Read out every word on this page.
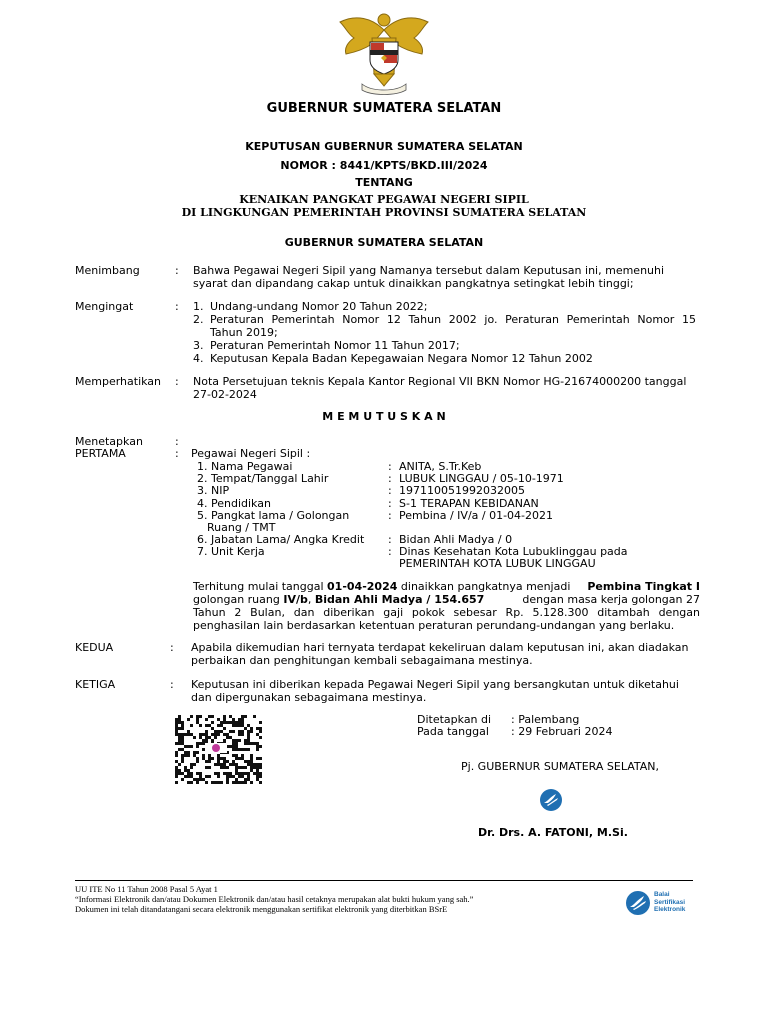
GUBERNUR SUMATERA SELATAN
KEPUTUSAN GUBERNUR SUMATERA SELATAN
NOMOR : 8441/KPTS/BKD.III/2024
TENTANG
KENAIKAN PANGKAT PEGAWAI NEGERI SIPIL
DI LINGKUNGAN PEMERINTAH PROVINSI SUMATERA SELATAN
GUBERNUR SUMATERA SELATAN
Menimbang	: Bahwa Pegawai Negeri Sipil yang Namanya tersebut dalam Keputusan ini, memenuhi
syarat dan dipandang cakap untuk dinaikkan pangkatnya setingkat lebih tinggi;
Mengingat	: 1. Undang-undang Nomor 20 Tahun 2022;
2. Peraturan Pemerintah Nomor 12 Tahun 2002 jo. Peraturan Pemerintah Nomor 15
Tahun 2019;
3. Peraturan Pemerintah Nomor 11 Tahun 2017;
4. Keputusan Kepala Badan Kepegawaian Negara Nomor 12 Tahun 2002
Memperhatikan : Nota Persetujuan teknis Kepala Kantor Regional VII BKN Nomor HG-21674000200 tanggal
27-02-2024
M E M U T U S K A N
Menetapkan	:
PERTAMA	: Pegawai Negeri Sipil :
1. Nama Pegawai	: ANITA, S.Tr.Keb
2. Tempat/Tanggal Lahir	: LUBUK LINGGAU / 05-10-1971
3. NIP	: 197110051992032005
4. Pendidikan	: S-1 TERAPAN KEBIDANAN
5. Pangkat lama / Golongan
Ruang / TMT
: Pembina / IV/a / 01-04-2021
6. Jabatan Lama/ Angka Kredit : Bidan Ahli Madya / 0
7. Unit Kerja	: Dinas Kesehatan Kota Lubuklinggau pada
PEMERINTAH KOTA LUBUK LINGGAU
Terhitung mulai tanggal 01-04-2024 dinaikkan pangkatnya menjadi Pembina Tingkat I
golongan ruang IV/b, Bidan Ahli Madya / 154.657	dengan masa kerja golongan 27
Tahun 2 Bulan, dan diberikan gaji pokok sebesar Rp. 5.128.300 ditambah dengan
penghasilan lain berdasarkan ketentuan peraturan perundang-undangan yang berlaku.
KEDUA	: Apabila dikemudian hari ternyata terdapat kekeliruan dalam keputusan ini, akan diadakan
perbaikan dan penghitungan kembali sebagaimana mestinya.
KETIGA	: Keputusan ini diberikan kepada Pegawai Negeri Sipil yang bersangkutan untuk diketahui
dan dipergunakan sebagaimana mestinya.
Ditetapkan di : Palembang
Pada tanggal : 29 Februari 2024
Pj. GUBERNUR SUMATERA SELATAN,
Dr. Drs. A. FATONI, M.Si.
UU ITE No 11 Tahun 2008 Pasal 5 Ayat 1
“Informasi Elektronik dan/atau Dokumen Elektronik dan/atau hasil cetaknya merupakan alat bukti hukum yang sah.”
Dokumen ini telah ditandatangani secara elektronik menggunakan sertifikat elektronik yang diterbitkan BSrE
Balai Sertifikasi Elektronik
